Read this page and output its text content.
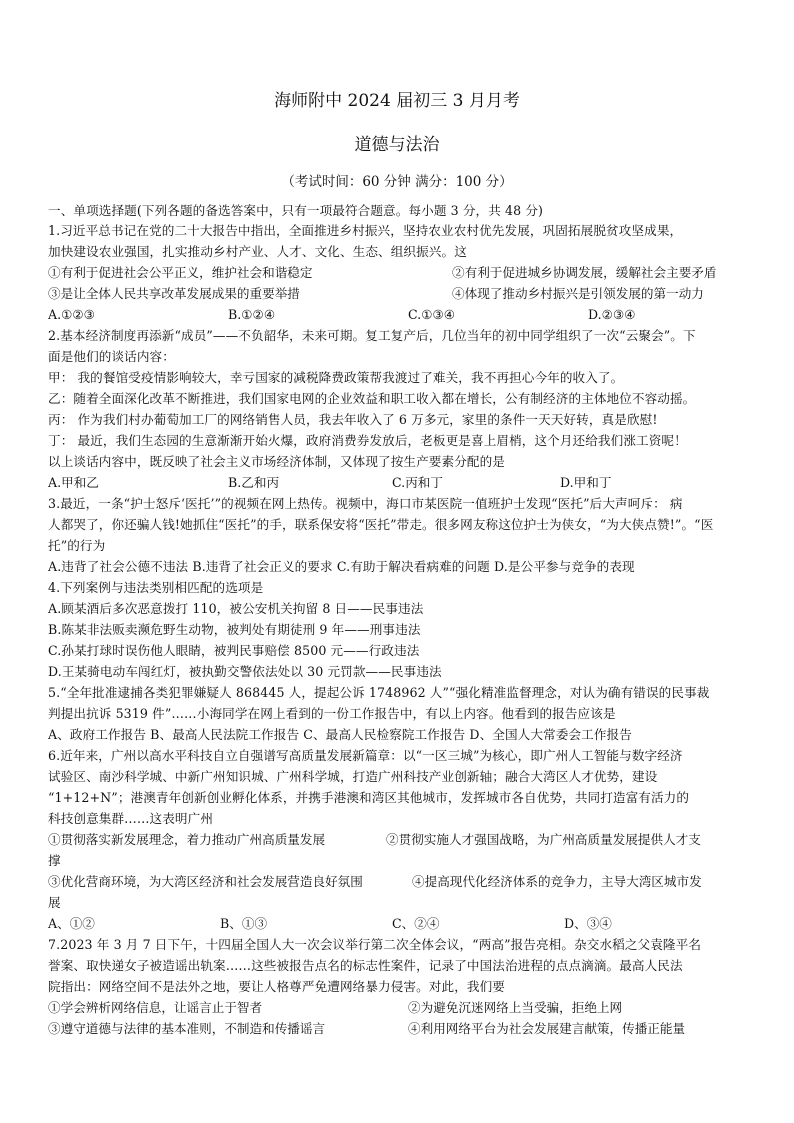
海师附中 2024 届初三 3 月月考
道德与法治
（考试时间：60 分钟 满分：100 分）
一、单项选择题(下列各题的备选答案中，只有一项最符合题意。每小题 3 分，共 48 分)
1.习近平总书记在党的二十大报告中指出，全面推进乡村振兴，坚持农业农村优先发展，巩固拓展脱贫攻坚成果，
加快建设农业强国，扎实推动乡村产业、人才、文化、生态、组织振兴。这
①有利于促进社会公平正义，维护社会和谐稳定	②有利于促进城乡协调发展，缓解社会主要矛盾
③是让全体人民共享改革发展成果的重要举措	④体现了推动乡村振兴是引领发展的第一动力
A.①②③	B.①②④	C.①③④	D.②③④
2.基本经济制度再添新“成员”——不负韶华，未来可期。复工复产后，几位当年的初中同学组织了一次“云聚会”。下
面是他们的谈话内容：
甲： 我的餐馆受疫情影响较大，幸亏国家的减税降费政策帮我渡过了难关，我不再担心今年的收入了。
乙：随着全面深化改革不断推进，我们国家电网的企业效益和职工收入都在增长，公有制经济的主体地位不容动摇。
丙： 作为我们村办葡萄加工厂的网络销售人员，我去年收入了 6 万多元，家里的条件一天天好转，真是欣慰!
丁： 最近，我们生态园的生意渐渐开始火爆，政府消费券发放后，老板更是喜上眉梢，这个月还给我们涨工资呢！
以上谈话内容中，既反映了社会主义市场经济体制，又体现了按生产要素分配的是
A.甲和乙	B.乙和丙	C.丙和丁	D.甲和丁
3.最近，一条“护士怒斥‘医托’”的视频在网上热传。视频中，海口市某医院一值班护士发现“医托”后大声呵斥： 病
人都哭了，你还骗人钱!她抓住“医托”的手，联系保安将“医托”带走。很多网友称这位护士为侠女，“为大侠点赞!”。“医
托”的行为
A.违背了社会公德不违法 B.违背了社会正义的要求 C.有助于解决看病难的问题 D.是公平参与竞争的表现
4.下列案例与违法类别相匹配的选项是
A.顾某酒后多次恶意拨打 110，被公安机关拘留 8 日——民事违法
B.陈某非法贩卖濒危野生动物，被判处有期徒刑 9 年——刑事违法
C.孙某打球时误伤他人眼睛，被判民事赔偿 8500 元——行政违法
D.王某骑电动车闯红灯，被执勤交警依法处以 30 元罚款——民事违法
5.“全年批准逮捕各类犯罪嫌疑人 868445 人，提起公诉 1748962 人”“强化精准监督理念，对认为确有错误的民事裁
判提出抗诉 5319 件”……小海同学在网上看到的一份工作报告中，有以上内容。他看到的报告应该是
A、政府工作报告 B、最高人民法院工作报告 C、最高人民检察院工作报告 D、全国人大常委会工作报告
6.近年来，广州以高水平科技自立自强谱写高质量发展新篇章：以“一区三城”为核心，即广州人工智能与数字经济
试验区、南沙科学城、中新广州知识城、广州科学城，打造广州科技产业创新轴；融合大湾区人才优势，建设
“1+12+N”；港澳青年创新创业孵化体系，并携手港澳和湾区其他城市，发挥城市各自优势，共同打造富有活力的
科技创意集群……这表明广州
①贯彻落实新发展理念，着力推动广州高质量发展	②贯彻实施人才强国战略，为广州高质量发展提供人才支
撑
③优化营商环境，为大湾区经济和社会发展营造良好氛围	④提高现代化经济体系的竞争力，主导大湾区城市发
展
A、①②	B、①③	C、②④	D、③④
7.2023 年 3 月 7 日下午，十四届全国人大一次会议举行第二次全体会议，“两高”报告亮相。杂交水稻之父袁隆平名
誉案、取快递女子被造谣出轨案……这些被报告点名的标志性案件，记录了中国法治进程的点点滴滴。最高人民法
院指出：网络空间不是法外之地，要让人格尊严免遭网络暴力侵害。对此，我们要
①学会辨析网络信息，让谣言止于智者	②为避免沉迷网络上当受骗，拒绝上网
③遵守道德与法律的基本准则，不制造和传播谣言	④利用网络平台为社会发展建言献策，传播正能量
